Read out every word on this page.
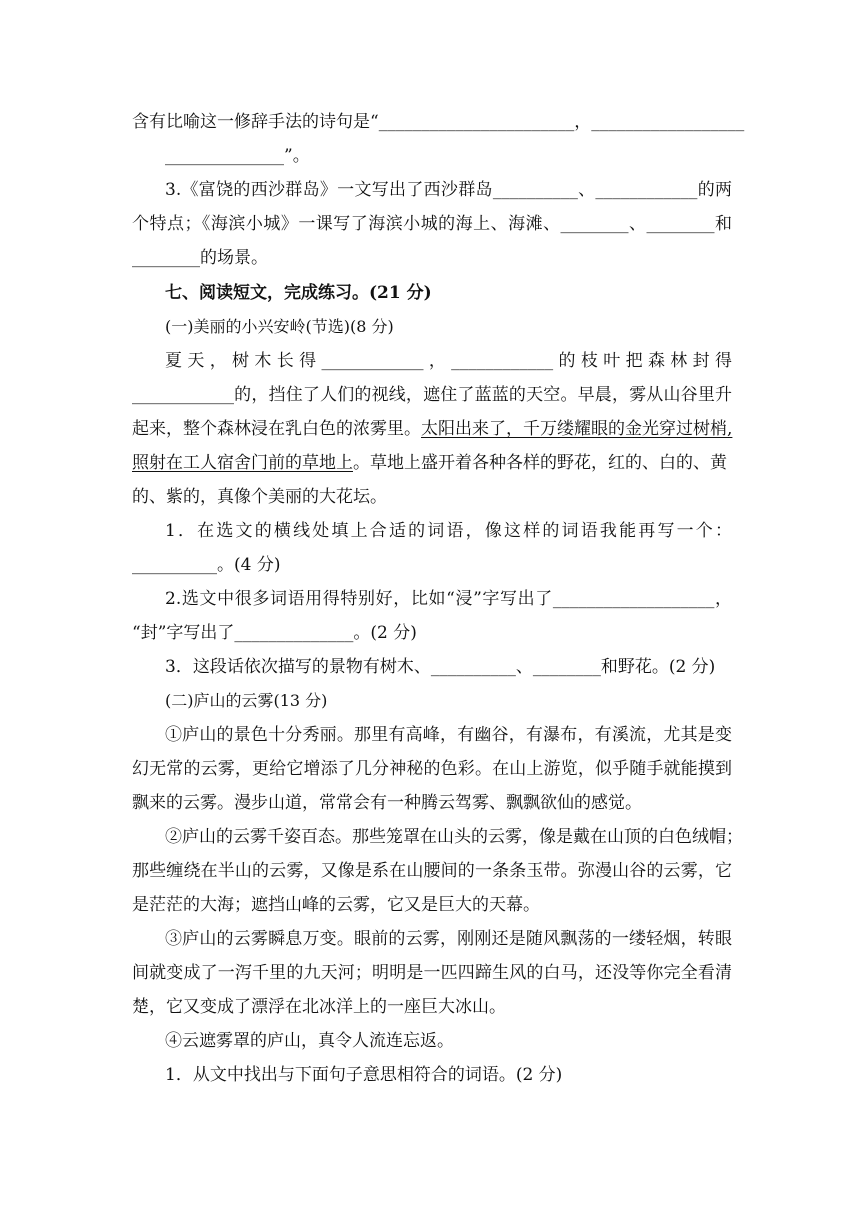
含有比喻这一修辞手法的诗句是“_______________________，__________________
______________”。
3.《富饶的西沙群岛》一文写出了西沙群岛__________、____________的两
个特点；《海滨小城》一课写了海滨小城的海上、海滩、________、________和
________的场景。
七、阅读短文，完成练习。(21 分)
(一)美丽的小兴安岭(节选)(8 分)
夏天，树木长得____________，____________的枝叶把森林封得
____________的，挡住了人们的视线，遮住了蓝蓝的天空。早晨，雾从山谷里升
起来，整个森林浸在乳白色的浓雾里。太阳出来了，千万缕耀眼的金光穿过树梢,
照射在工人宿舍门前的草地上。草地上盛开着各种各样的野花，红的、白的、黄
的、紫的，真像个美丽的大花坛。
1．在选文的横线处填上合适的词语，像这样的词语我能再写一个：
__________。(4 分)
2.选文中很多词语用得特别好，比如“浸”字写出了___________________，
“封”字写出了______________。(2 分)
3．这段话依次描写的景物有树木、__________、________和野花。(2 分)
(二)庐山的云雾(13 分)
①庐山的景色十分秀丽。那里有高峰，有幽谷，有瀑布，有溪流，尤其是变
幻无常的云雾，更给它增添了几分神秘的色彩。在山上游览，似乎随手就能摸到
飘来的云雾。漫步山道，常常会有一种腾云驾雾、飘飘欲仙的感觉。
②庐山的云雾千姿百态。那些笼罩在山头的云雾，像是戴在山顶的白色绒帽；
那些缠绕在半山的云雾，又像是系在山腰间的一条条玉带。弥漫山谷的云雾，它
是茫茫的大海；遮挡山峰的云雾，它又是巨大的天幕。
③庐山的云雾瞬息万变。眼前的云雾，刚刚还是随风飘荡的一缕轻烟，转眼
间就变成了一泻千里的九天河；明明是一匹四蹄生风的白马，还没等你完全看清
楚，它又变成了漂浮在北冰洋上的一座巨大冰山。
④云遮雾罩的庐山，真令人流连忘返。
1．从文中找出与下面句子意思相符合的词语。(2 分)
